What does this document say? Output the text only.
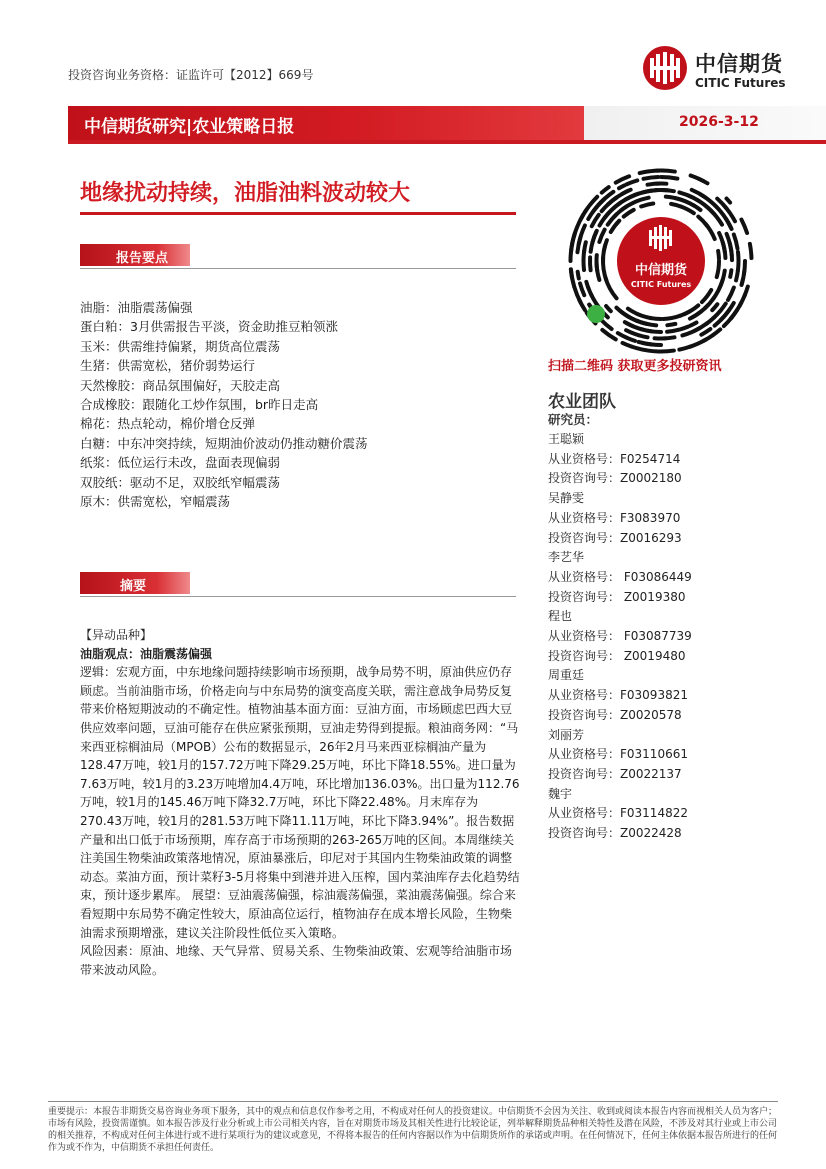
投资咨询业务资格：证监许可【2012】669号	中信期货
CITIC Futures
中信期货研究|农业策略日报	2026-3-12
地缘扰动持续，油脂油料波动较大
报告要点
油脂：油脂震荡偏强
蛋白粕：3月供需报告平淡，资金助推豆粕领涨
玉米：供需维持偏紧，期货高位震荡
生猪：供需宽松，猪价弱势运行
天然橡胶：商品氛围偏好，天胶走高
合成橡胶：跟随化工炒作氛围，br昨日走高
棉花：热点轮动，棉价增仓反弹
白糖：中东冲突持续，短期油价波动仍推动糖价震荡
纸浆：低位运行未改，盘面表现偏弱
双胶纸：驱动不足，双胶纸窄幅震荡
原木：供需宽松，窄幅震荡
摘要

【异动品种】

油脂观点：油脂震荡偏强

逻辑：宏观方面，中东地缘问题持续影响市场预期，战争局势不明，原油供应仍存顾虑。当前油脂市场，价格走向与中东局势的演变高度关联，需注意战争局势反复带来价格短期波动的不确定性。植物油基本面方面：豆油方面，市场顾虑巴西大豆供应效率问题，豆油可能存在供应紧张预期，豆油走势得到提振。粮油商务网：“马来西亚棕榈油局（MPOB）公布的数据显示，26年2月马来西亚棕榈油产量为128.47万吨，较1月的157.72万吨下降29.25万吨，环比下降18.55%。进口量为7.63万吨，较1月的3.23万吨增加4.4万吨，环比增加136.03%。出口量为112.76万吨，较1月的145.46万吨下降32.7万吨，环比下降22.48%。月末库存为270.43万吨，较1月的281.53万吨下降11.11万吨，环比下降3.94%”。报告数据产量和出口低于市场预期，库存高于市场预期的263-265万吨的区间。本周继续关注美国生物柴油政策落地情况，原油暴涨后，印尼对于其国内生物柴油政策的调整动态。菜油方面，预计菜籽3-5月将集中到港并进入压榨，国内菜油库存去化趋势结束，预计逐步累库。 展望：豆油震荡偏强，棕油震荡偏强，菜油震荡偏强。综合来看短期中东局势不确定性较大，原油高位运行，植物油存在成本增长风险，生物柴油需求预期增涨，建议关注阶段性低位买入策略。

风险因素：原油、地缘、天气异常、贸易关系、生物柴油政策、宏观等给油脂市场带来波动风险。

中信期货
CITIC Futures
扫描二维码 获取更多投研资讯
农业团队
研究员：
王聪颖
从业资格号：F0254714
投资咨询号：Z0002180
吴静雯
从业资格号：F3083970
投资咨询号：Z0016293
李艺华
从业资格号： F03086449
投资咨询号： Z0019380
程也
从业资格号： F03087739
投资咨询号： Z0019480
周重廷
从业资格号：F03093821
投资咨询号：Z0020578
刘丽芳
从业资格号：F03110661
投资咨询号：Z0022137
魏宇
从业资格号：F03114822
投资咨询号：Z0022428
重要提示：本报告非期货交易咨询业务项下服务，其中的观点和信息仅作参考之用，不构成对任何人的投资建议。中信期货不会因为关注、收到或阅读本报告内容而视相关人员为客户；市场有风险，投资需谨慎。如本报告涉及行业分析或上市公司相关内容，旨在对期货市场及其相关性进行比较论证，列举解释期货品种相关特性及潜在风险，不涉及对其行业或上市公司的相关推荐，不构成对任何主体进行或不进行某项行为的建议或意见，不得将本报告的任何内容据以作为中信期货所作的承诺或声明。在任何情况下，任何主体依据本报告所进行的任何作为或不作为，中信期货不承担任何责任。
